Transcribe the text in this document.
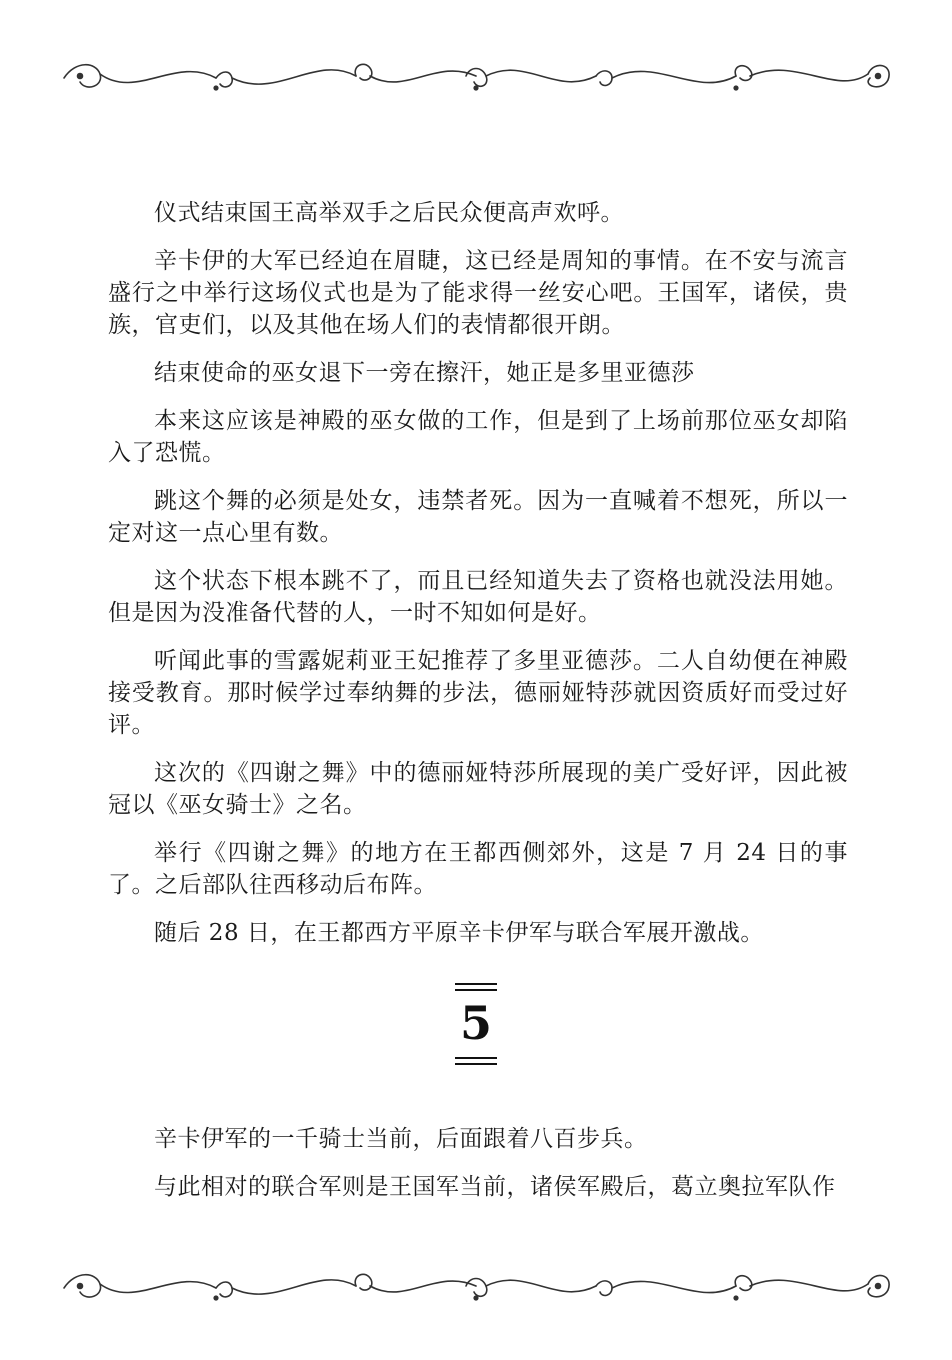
仪式结束国王高举双手之后民众便高声欢呼。

辛卡伊的大军已经迫在眉睫，这已经是周知的事情。在不安与流言盛行之中举行这场仪式也是为了能求得一丝安心吧。王国军，诸侯，贵族，官吏们，以及其他在场人们的表情都很开朗。

结束使命的巫女退下一旁在擦汗，她正是多里亚德莎

本来这应该是神殿的巫女做的工作，但是到了上场前那位巫女却陷入了恐慌。

跳这个舞的必须是处女，违禁者死。因为一直喊着不想死，所以一定对这一点心里有数。

这个状态下根本跳不了，而且已经知道失去了资格也就没法用她。但是因为没准备代替的人，一时不知如何是好。

听闻此事的雪露妮莉亚王妃推荐了多里亚德莎。二人自幼便在神殿接受教育。那时候学过奉纳舞的步法，德丽娅特莎就因资质好而受过好评。

这次的《四谢之舞》中的德丽娅特莎所展现的美广受好评，因此被冠以《巫女骑士》之名。

举行《四谢之舞》的地方在王都西侧郊外，这是 7 月 24 日的事了。之后部队往西移动后布阵。

随后 28 日，在王都西方平原辛卡伊军与联合军展开激战。

5

辛卡伊军的一千骑士当前，后面跟着八百步兵。

与此相对的联合军则是王国军当前，诸侯军殿后，葛立奥拉军队作
